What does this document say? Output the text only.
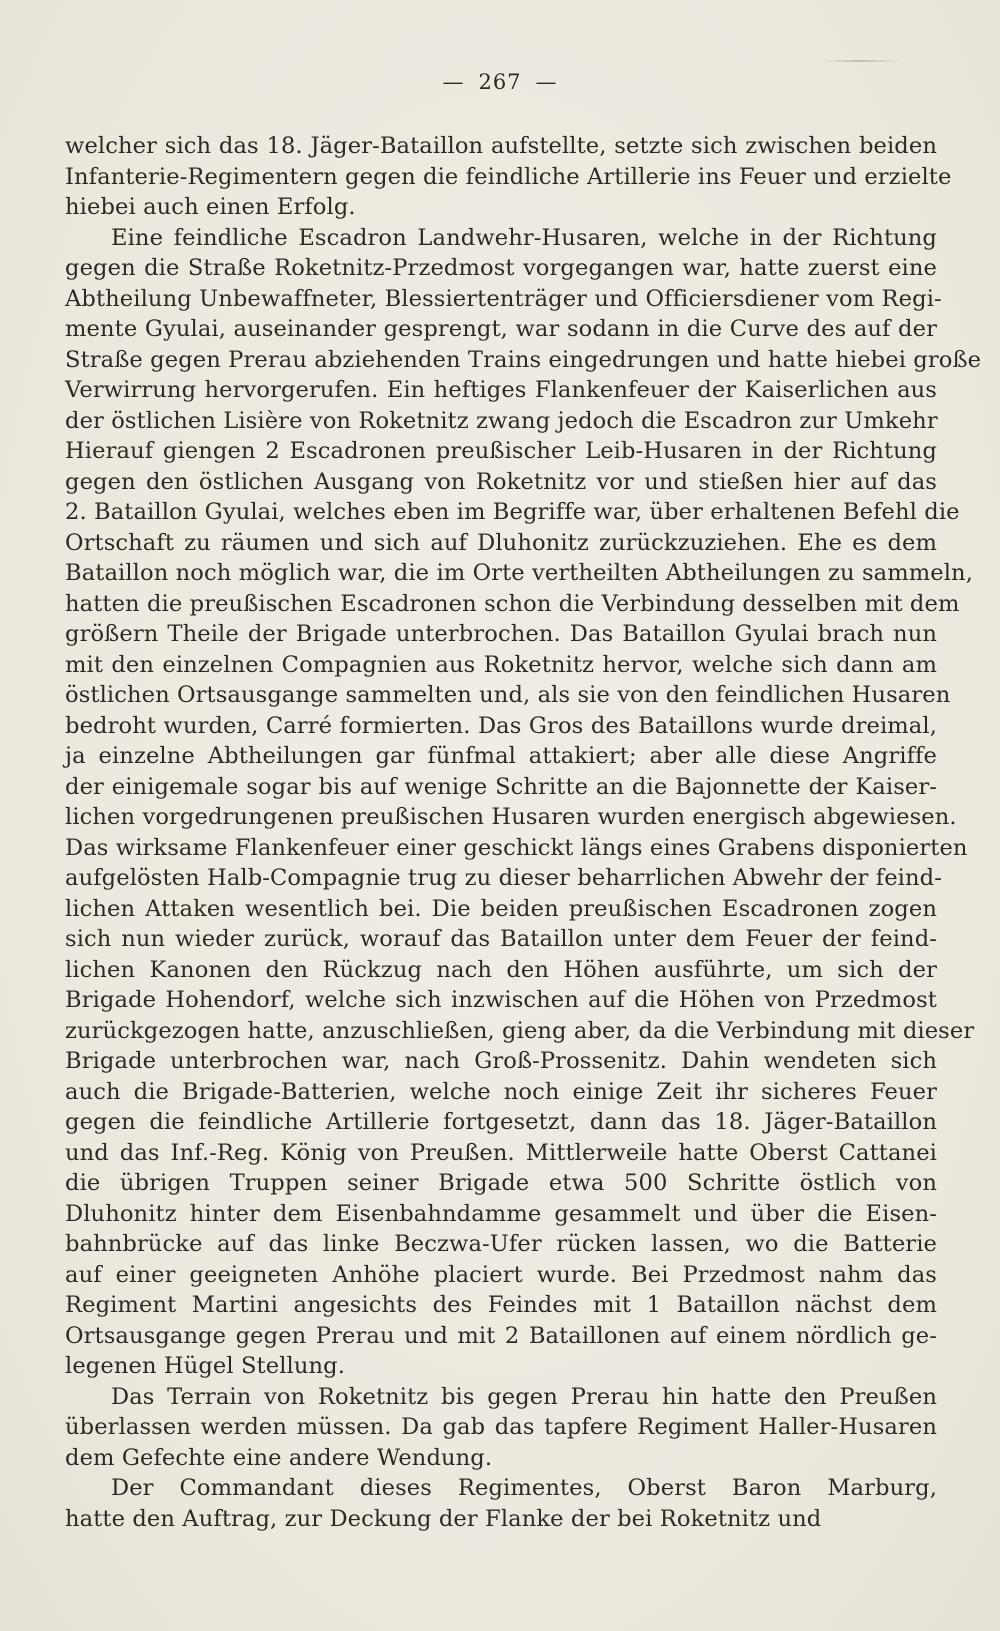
— 267 —
welcher sich das 18. Jäger-Bataillon aufstellte, setzte sich zwischen beiden
Infanterie-Regimentern gegen die feindliche Artillerie ins Feuer und erzielte
hiebei auch einen Erfolg.
Eine feindliche Escadron Landwehr-Husaren, welche in der Richtung
gegen die Straße Roketnitz-Przedmost vorgegangen war, hatte zuerst eine
Abtheilung Unbewaffneter, Blessiertenträger und Officiersdiener vom Regi-
mente Gyulai, auseinander gesprengt, war sodann in die Curve des auf der
Straße gegen Prerau abziehenden Trains eingedrungen und hatte hiebei große
Verwirrung hervorgerufen. Ein heftiges Flankenfeuer der Kaiserlichen aus
der östlichen Lisière von Roketnitz zwang jedoch die Escadron zur Umkehr
Hierauf giengen 2 Escadronen preußischer Leib-Husaren in der Richtung
gegen den östlichen Ausgang von Roketnitz vor und stießen hier auf das
2. Bataillon Gyulai, welches eben im Begriffe war, über erhaltenen Befehl die
Ortschaft zu räumen und sich auf Dluhonitz zurückzuziehen. Ehe es dem
Bataillon noch möglich war, die im Orte vertheilten Abtheilungen zu sammeln,
hatten die preußischen Escadronen schon die Verbindung desselben mit dem
größern Theile der Brigade unterbrochen. Das Bataillon Gyulai brach nun
mit den einzelnen Compagnien aus Roketnitz hervor, welche sich dann am
östlichen Ortsausgange sammelten und, als sie von den feindlichen Husaren
bedroht wurden, Carré formierten. Das Gros des Bataillons wurde dreimal,
ja einzelne Abtheilungen gar fünfmal attakiert; aber alle diese Angriffe
der einigemale sogar bis auf wenige Schritte an die Bajonnette der Kaiser-
lichen vorgedrungenen preußischen Husaren wurden energisch abgewiesen.
Das wirksame Flankenfeuer einer geschickt längs eines Grabens disponierten
aufgelösten Halb-Compagnie trug zu dieser beharrlichen Abwehr der feind-
lichen Attaken wesentlich bei. Die beiden preußischen Escadronen zogen
sich nun wieder zurück, worauf das Bataillon unter dem Feuer der feind-
lichen Kanonen den Rückzug nach den Höhen ausführte, um sich der
Brigade Hohendorf, welche sich inzwischen auf die Höhen von Przedmost
zurückgezogen hatte, anzuschließen, gieng aber, da die Verbindung mit dieser
Brigade unterbrochen war, nach Groß-Prossenitz. Dahin wendeten sich
auch die Brigade-Batterien, welche noch einige Zeit ihr sicheres Feuer
gegen die feindliche Artillerie fortgesetzt, dann das 18. Jäger-Bataillon
und das Inf.-Reg. König von Preußen. Mittlerweile hatte Oberst Cattanei
die übrigen Truppen seiner Brigade etwa 500 Schritte östlich von
Dluhonitz hinter dem Eisenbahndamme gesammelt und über die Eisen-
bahnbrücke auf das linke Beczwa-Ufer rücken lassen, wo die Batterie
auf einer geeigneten Anhöhe placiert wurde. Bei Przedmost nahm das
Regiment Martini angesichts des Feindes mit 1 Bataillon nächst dem
Ortsausgange gegen Prerau und mit 2 Bataillonen auf einem nördlich ge-
legenen Hügel Stellung.
Das Terrain von Roketnitz bis gegen Prerau hin hatte den Preußen
überlassen werden müssen. Da gab das tapfere Regiment Haller-Husaren
dem Gefechte eine andere Wendung.
Der Commandant dieses Regimentes, Oberst Baron Marburg,
hatte den Auftrag, zur Deckung der Flanke der bei Roketnitz und
